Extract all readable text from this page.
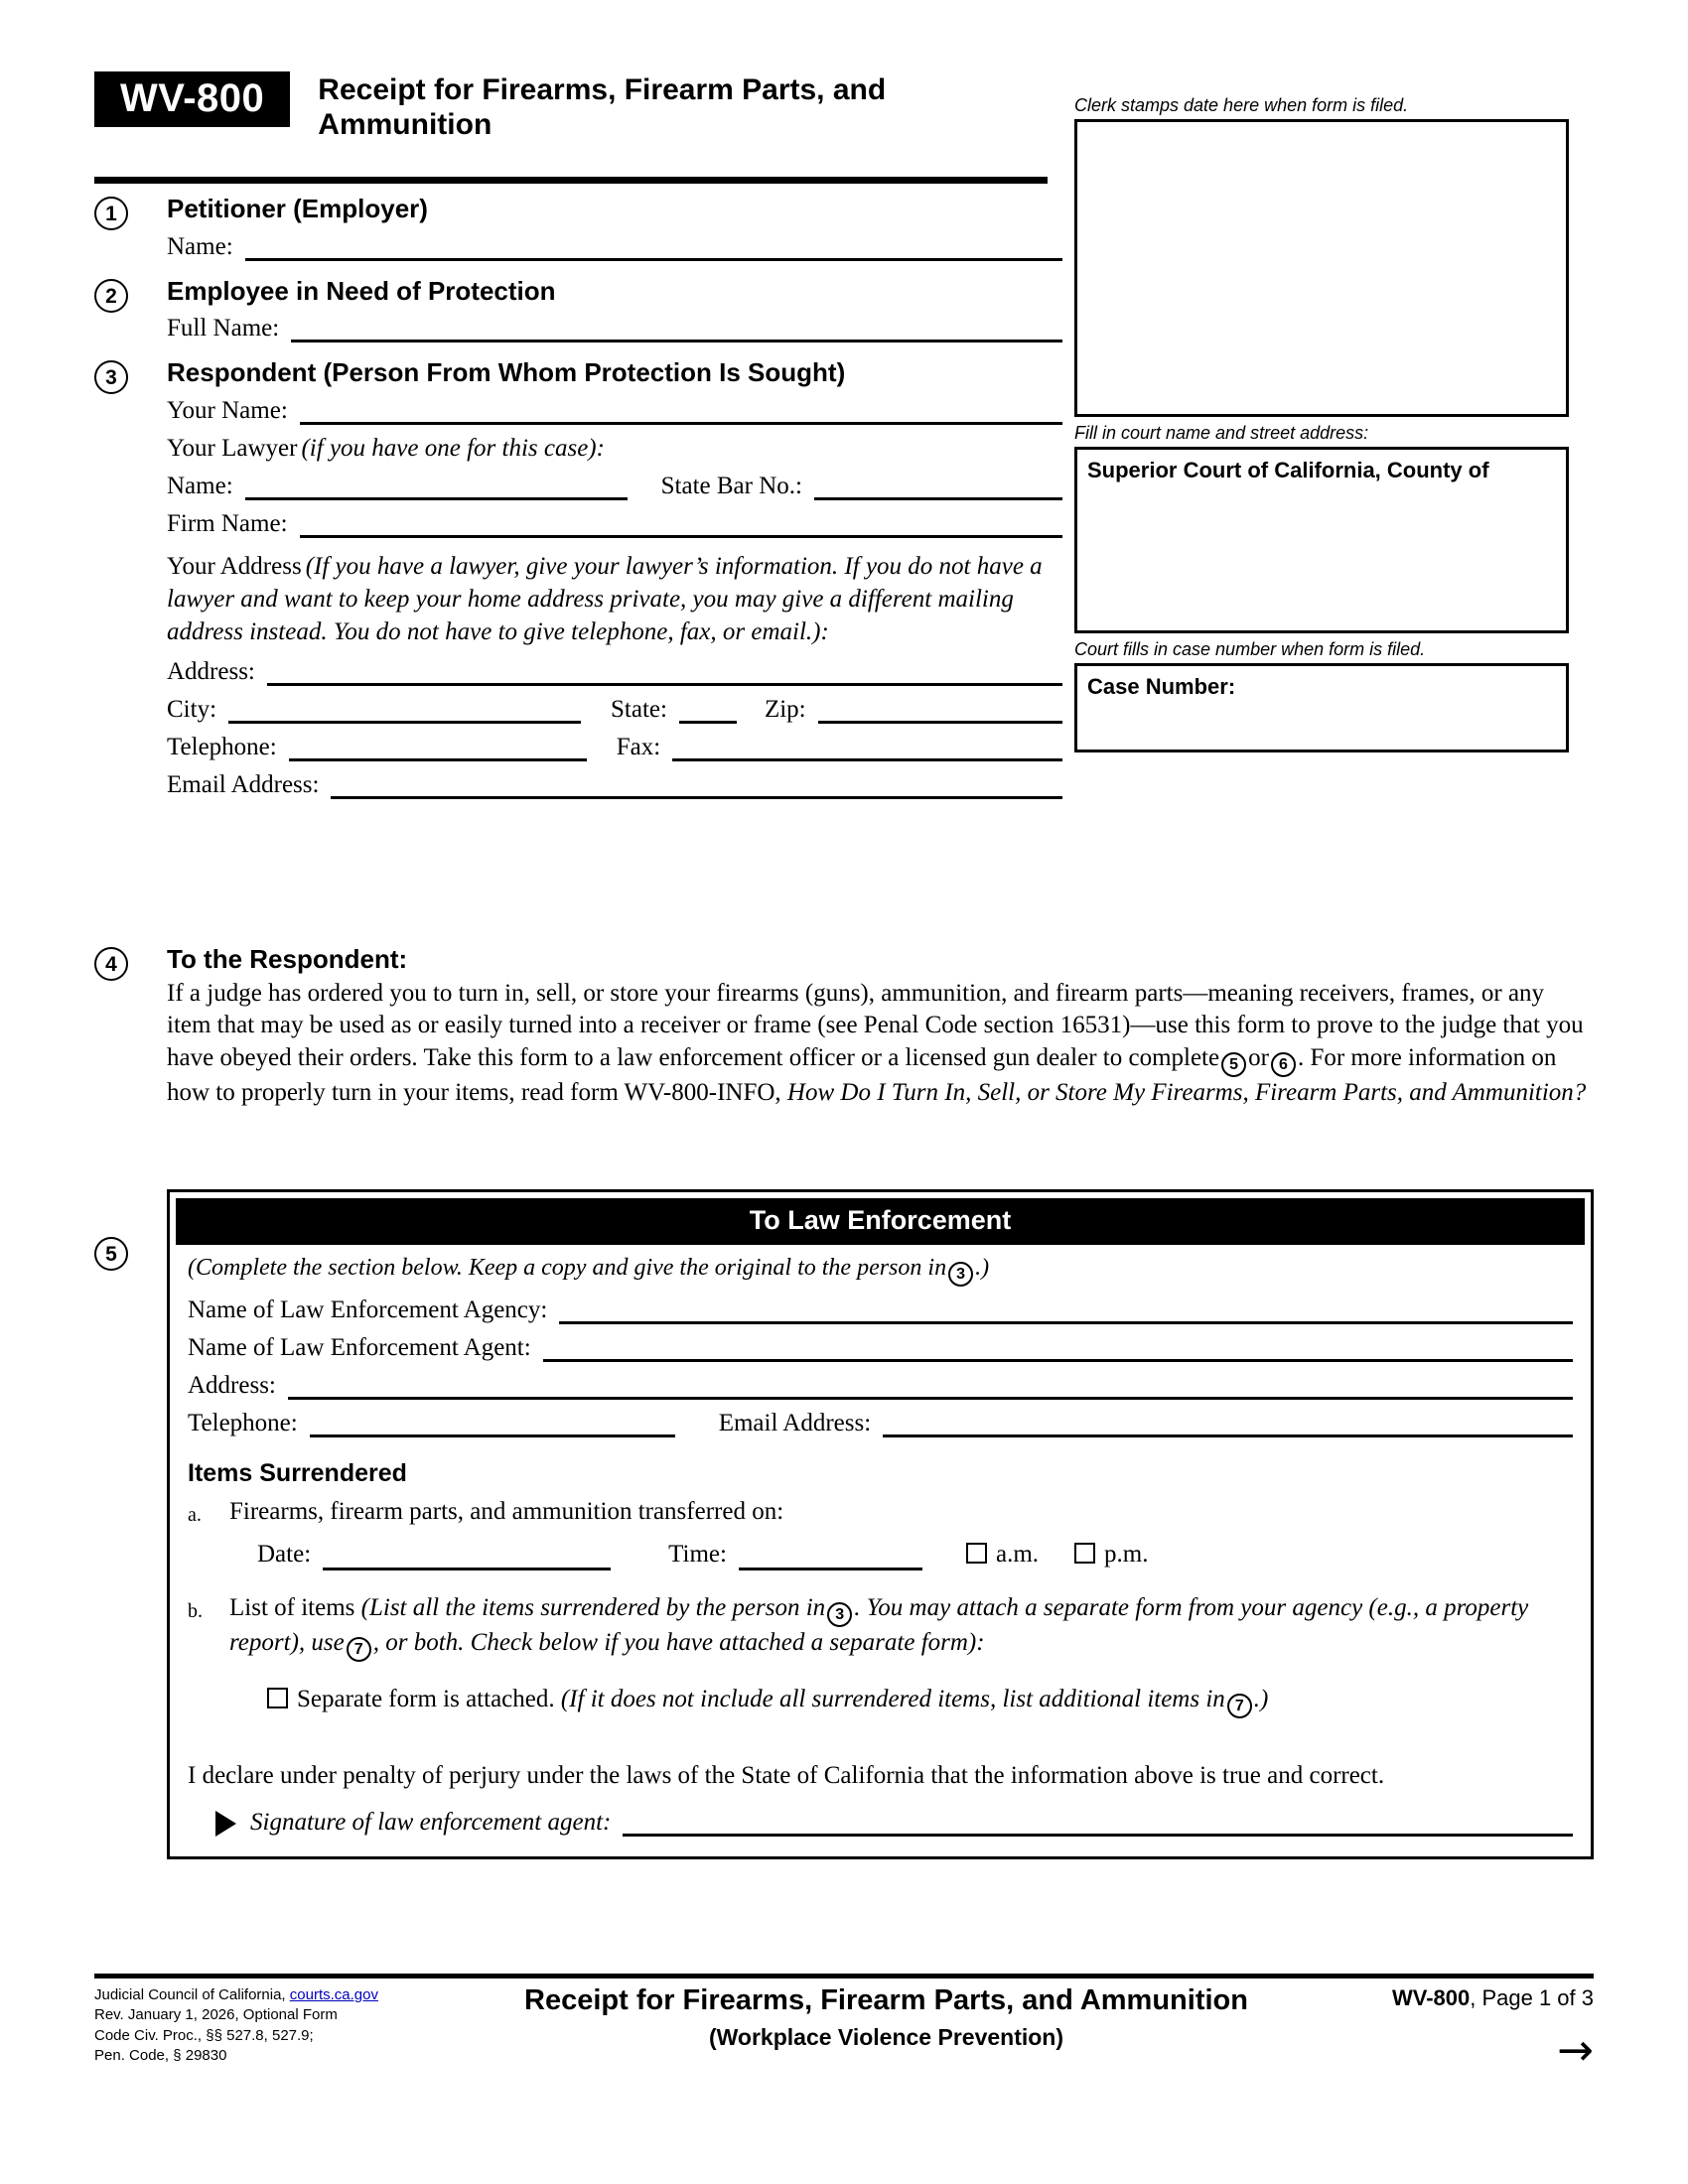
WV-800	Receipt for Firearms, Firearm Parts, and Ammunition
Clerk stamps date here when form is filed.
Fill in court name and street address:
Superior Court of California, County of
Court fills in case number when form is filed.
Case Number:
1	Petitioner (Employer)
Name:
2	Employee in Need of Protection
Full Name:
3	Respondent (Person From Whom Protection Is Sought)
Your Name:
Your Lawyer (if you have one for this case):
Name:	State Bar No.:
Firm Name:
Your Address (If you have a lawyer, give your lawyer’s information. If you do not have a lawyer and want to keep your home address private, you may give a different mailing address instead. You do not have to give telephone, fax, or email.):
Address:
City:	State:	Zip:
Telephone:	Fax:
Email Address:
4	To the Respondent:
If a judge has ordered you to turn in, sell, or store your firearms (guns), ammunition, and firearm parts—meaning receivers, frames, or any item that may be used as or easily turned into a receiver or frame (see Penal Code section 16531)—use this form to prove to the judge that you have obeyed their orders. Take this form to a law enforcement officer or a licensed gun dealer to complete 5 or 6 . For more information on how to properly turn in your items, read form WV-800-INFO, How Do I Turn In, Sell, or Store My Firearms, Firearm Parts, and Ammunition?
5
To Law Enforcement
(Complete the section below. Keep a copy and give the original to the person in 3 .)
Name of Law Enforcement Agency:
Name of Law Enforcement Agent:
Address:
Telephone:	Email Address:
Items Surrendered
a.	Firearms, firearm parts, and ammunition transferred on:
Date:	Time:	a.m.	p.m.
b.	List of items (List all the items surrendered by the person in 3 . You may attach a separate form from your agency (e.g., a property report), use 7 , or both. Check below if you have attached a separate form):
Separate form is attached. (If it does not include all surrendered items, list additional items in 7 .)
I declare under penalty of perjury under the laws of the State of California that the information above is true and correct.
Signature of law enforcement agent:
Judicial Council of California, courts.ca.gov
Rev. January 1, 2026, Optional Form
Code Civ. Proc., §§ 527.8, 527.9;
Pen. Code, § 29830
Receipt for Firearms, Firearm Parts, and Ammunition
(Workplace Violence Prevention)
WV-800, Page 1 of 3
→
